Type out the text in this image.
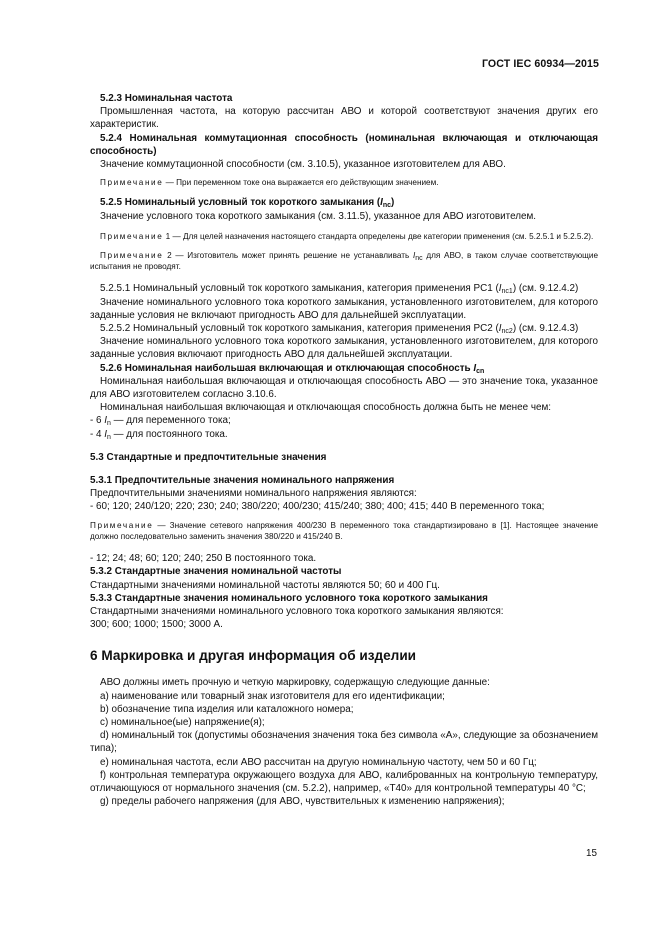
ГОСТ IEC 60934—2015

5.2.3 Номинальная частота

Промышленная частота, на которую рассчитан АВО и которой соответствуют значения других его характеристик.

5.2.4 Номинальная коммутационная способность (номинальная включающая и отключающая способность)

Значение коммутационной способности (см. 3.10.5), указанное изготовителем для АВО.

Примечание — При переменном токе она выражается его действующим значением.

5.2.5 Номинальный условный ток короткого замыкания $(I_{nc})$

Значение условного тока короткого замыкания (см. 3.11.5), указанное для АВО изготовителем.

Примечание 1 — Для целей назначения настоящего стандарта определены две категории применения (см. 5.2.5.1 и 5.2.5.2).

Примечание 2 — Изготовитель может принять решение не устанавливать $I_{nc}$ для АВО, в таком случае соответствующие испытания не проводят.

5.2.5.1 Номинальный условный ток короткого замыкания, категория применения PC1 $(I_{nc1})$ (см. 9.12.4.2)

Значение номинального условного тока короткого замыкания, установленного изготовителем, для которого заданные условия не включают пригодность АВО для дальнейшей эксплуатации.

5.2.5.2 Номинальный условный ток короткого замыкания, категория применения PC2 $(I_{nc2})$ (см. 9.12.4.3)

Значение номинального условного тока короткого замыкания, установленного изготовителем, для которого заданные условия включают пригодность АВО для дальнейшей эксплуатации.

5.2.6 Номинальная наибольшая включающая и отключающая способность $I_{cn}$

Номинальная наибольшая включающая и отключающая способность АВО — это значение тока, указанное для АВО изготовителем согласно 3.10.6.

Номинальная наибольшая включающая и отключающая способность должна быть не менее чем:

- 6 $I_n$ — для переменного тока;

- 4 $I_n$ — для постоянного тока.

5.3 Стандартные и предпочтительные значения

5.3.1 Предпочтительные значения номинального напряжения

Предпочтительными значениями номинального напряжения являются:

- 60; 120; 240/120; 220; 230; 240; 380/220; 400/230; 415/240; 380; 400; 415; 440 В переменного тока;

Примечание — Значение сетевого напряжения 400/230 В переменного тока стандартизировано в [1]. Настоящее значение должно последовательно заменить значения 380/220 и 415/240 В.

- 12; 24; 48; 60; 120; 240; 250 В постоянного тока.

5.3.2 Стандартные значения номинальной частоты

Стандартными значениями номинальной частоты являются 50; 60 и 400 Гц.

5.3.3 Стандартные значения номинального условного тока короткого замыкания

Стандартными значениями номинального условного тока короткого замыкания являются:

300; 600; 1000; 1500; 3000 А.

6 Маркировка и другая информация об изделии

АВО должны иметь прочную и четкую маркировку, содержащую следующие данные:

а) наименование или товарный знак изготовителя для его идентификации;

b) обозначение типа изделия или каталожного номера;

с) номинальное(ые) напряжение(я);

d) номинальный ток (допустимы обозначения значения тока без символа «А», следующие за обозначением типа);

е) номинальная частота, если АВО рассчитан на другую номинальную частоту, чем 50 и 60 Гц;

f) контрольная температура окружающего воздуха для АВО, калиброванных на контрольную температуру, отличающуюся от нормального значения (см. 5.2.2), например, «Т40» для контрольной температуры 40 °С;

g) пределы рабочего напряжения (для АВО, чувствительных к изменению напряжения);

15
